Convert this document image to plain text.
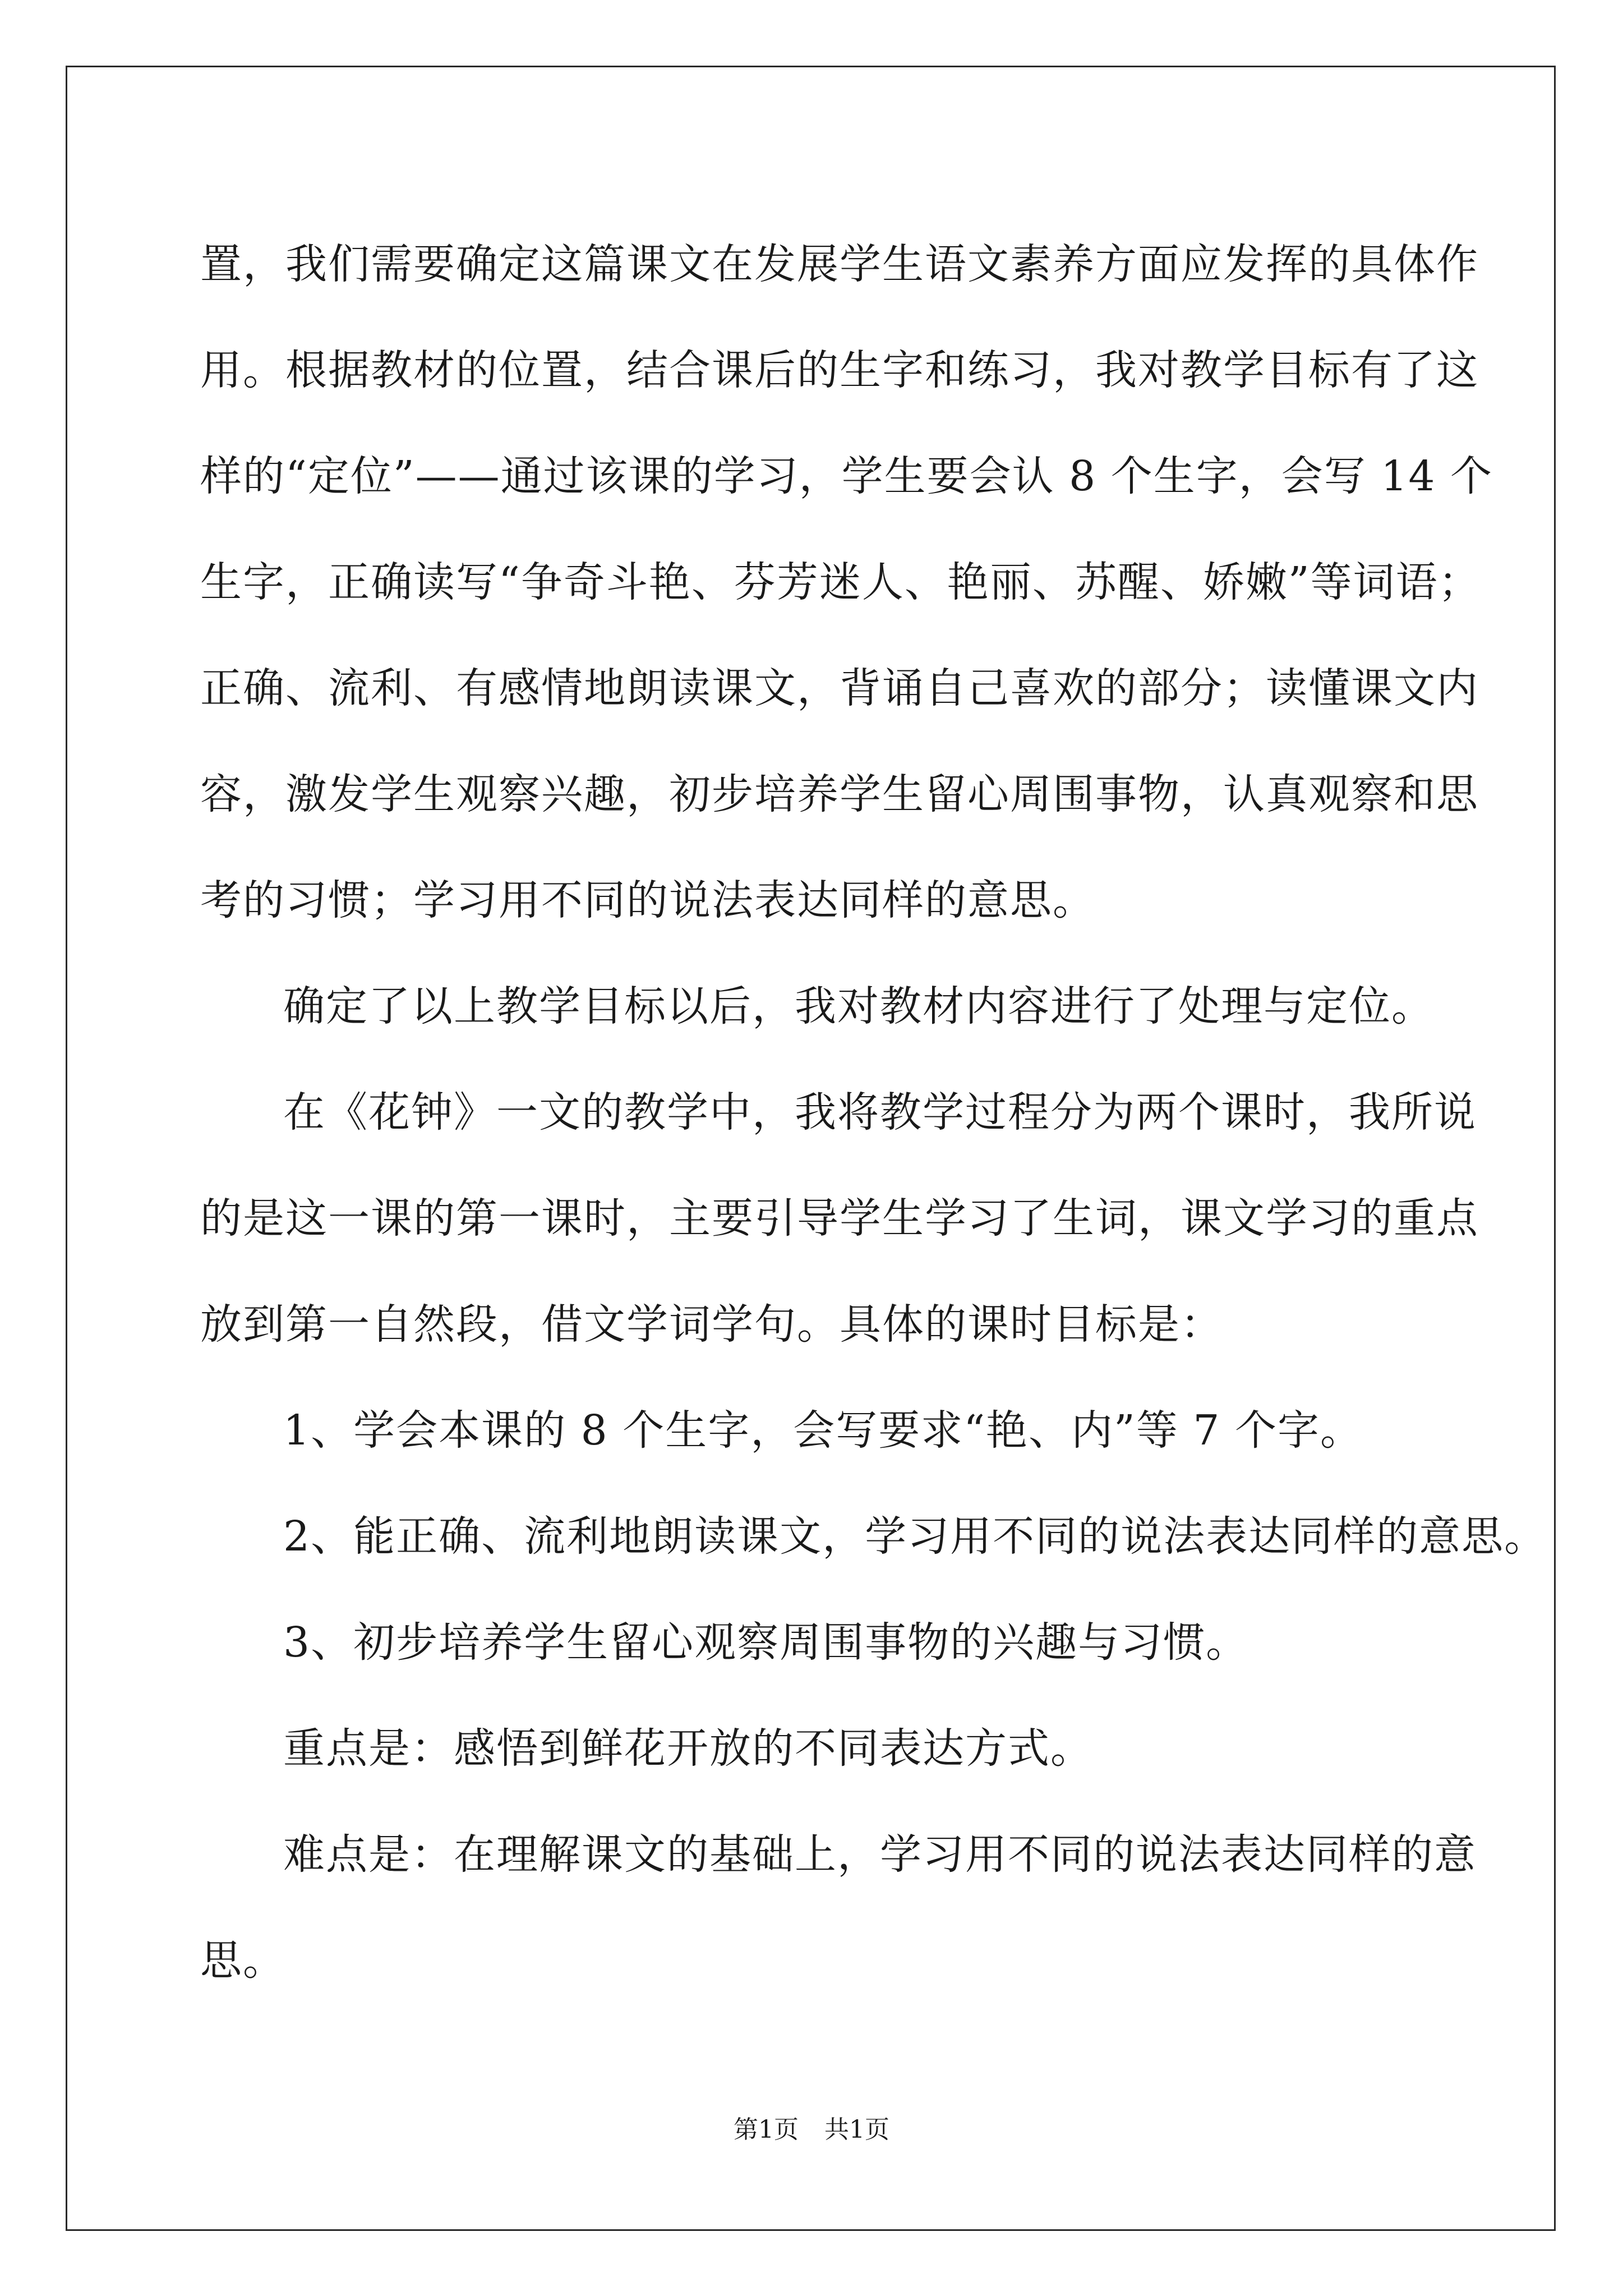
置，我们需要确定这篇课文在发展学生语文素养方面应发挥的具体作
用。根据教材的位置，结合课后的生字和练习，我对教学目标有了这
样的“定位”——通过该课的学习，学生要会认 8 个生字，会写 14 个
生字，正确读写“争奇斗艳、芬芳迷人、艳丽、苏醒、娇嫩”等词语；
正确、流利、有感情地朗读课文，背诵自己喜欢的部分；读懂课文内
容，激发学生观察兴趣，初步培养学生留心周围事物，认真观察和思
考的习惯；学习用不同的说法表达同样的意思。
确定了以上教学目标以后，我对教材内容进行了处理与定位。
在《花钟》一文的教学中，我将教学过程分为两个课时，我所说
的是这一课的第一课时，主要引导学生学习了生词，课文学习的重点
放到第一自然段，借文学词学句。具体的课时目标是：
1、学会本课的 8 个生字，会写要求“艳、内”等 7 个字。
2、能正确、流利地朗读课文，学习用不同的说法表达同样的意思。
3、初步培养学生留心观察周围事物的兴趣与习惯。
重点是：感悟到鲜花开放的不同表达方式。
难点是：在理解课文的基础上，学习用不同的说法表达同样的意
思。
第1页 共1页
